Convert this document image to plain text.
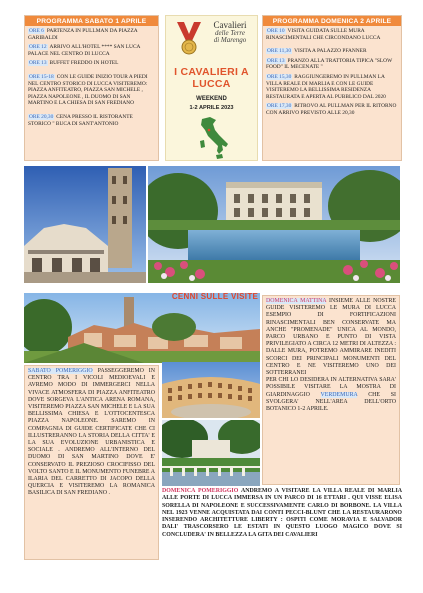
PROGRAMMA SABATO 1 APRILE

ORE 6 PARTENZA IN PULLMAN DA PIAZZA GARIBALDI

ORE 12 ARRIVO ALL'HOTEL **** SAN LUCA PALACE NEL CENTRO DI LUCCA

ORE 13 BUFFET FREDDO IN HOTEL

ORE 15-18 CON LE GUIDE INIZIO TOUR A PIEDI NEL CENTRO STORICO DI LUCCA VISITEREMO: PIAZZA ANFITEATRO, PIAZZA SAN MICHELE , PIAZZA NAPOLEONE , IL DUOMO DI SAN MARTINO E LA CHIESA DI SAN FREDIANO

ORE 20,30 CENA PRESSO IL RISTORANTE STORICO " BUCA DI SANT'ANTONIO

Cavalieri
delle Terre
di Marengo
I CAVALIERI A LUCCA
WEEKEND
1-2 APRILE 2023
PROGRAMMA DOMENICA 2 APRILE

ORE 10 VISITA GUIDATA SULLE MURA RINASCIMENTALI CHE CIRCONDANO LUCCA

ORE 11,30 VISITA A PALAZZO PFANNER

ORE 13 PRANZO ALLA TRATTORIA TIPICA "SLOW FOOD" IL MECENATE "

ORE 15,30 RAGGIUNGEREMO IN PULLMAN LA VILLA REALE DI MARLIA E CON LE GUIDE VISITEREMO LA BELLISSIMA RESIDENZA RESTAURATA E APERTA AL PUBBLICO DAL 2020

ORE 17,30 RITROVO AL PULLMAN PER IL RITORNO CON ARRIVO PREVISTO ALLE 20,30

CENNI SULLE VISITE
SABATO POMERIGGIO PASSEGGEREMO IN CENTRO TRA I VICOLI MEDIOEVALI E AVREMO MODO DI IMMERGERCI NELLA VIVACE ATMOSFERA DI PIAZZA ANFITEATRO DOVE SORGEVA L'ANTICA ARENA ROMANA, VISITEREMO PIAZZA SAN MICHELE E LA SUA BELLISSIMA CHIESA E L'OTTOCENTESCA PIAZZA NAPOLEONE. SAREMO IN COMPAGNIA DI GUIDE CERTIFICATE CHE CI ILLUSTRERANNO LA STORIA DELLA CITTA' E LA SUA EVOLUZIONE URBANISTICA E SOCIALE . ANDREMO ALL'INTERNO DEL DUOMO DI SAN MARTINO DOVE E' CONSERVATO IL PREZIOSO CROCIFISSO DEL VOLTO SANTO E IL MONUMENTO FUNEBRE A ILARIA DEL CARRETTO DI JACOPO DELLA QUERCIA E VISITEREMO LA ROMANICA BASILICA DI SAN FREDIANO .
DOMENICA MATTINA INSIEME ALLE NOSTRE GUIDE VISITEREMO LE MURA DI LUCCA ESEMPIO DI FORTIFICAZIONI RINASCIMENTALI BEN CONSERVATE MA ANCHE "PROMENADE" UNICA AL MONDO, PARCO URBANO E PUNTO DI VISTA PRIVILEGIATO A CIRCA 12 METRI DI ALTEZZA : DALLE MURA, POTREMO AMMIRARE INEDITI SCORCI DEI PRINCIPALI MONUMENTI DEL CENTRO E NE VISITEREMO UNO DEI SOTTERRANEI
PER CHI LO DESIDERA IN ALTERNATIVA SARA' POSSIBILE VISITARE LA MOSTRA DI GIARDINAGGIO VERDEMURA CHE SI SVOLGERA' NELL'AREA DELL'ORTO BOTANICO 1-2 APRILE.
DOMENICA POMERIGGIO ANDREMO A VISITARE LA VILLA REALE DI MARLIA ALLE PORTE DI LUCCA IMMERSA IN UN PARCO DI 16 ETTARI . QUI VISSE ELISA SORELLA DI NAPOLEONE E SUCCESSIVAMENTE CARLO DI BORBONE. LA VILLA NEL 1923 VENNE ACQUISTATA DAI CONTI PECCI-BLUNT CHE LA RESTAURARONO INSERENDO ARCHITETTURE LIBERTY : OSPITI COME MORAVIA E SALVADOR DALI' TRASCORSERO LE ESTATI IN QUESTO LUOGO MAGICO DOVE SI CONCLUDERA' IN BELLEZZA LA GITA DEI CAVALIERI
